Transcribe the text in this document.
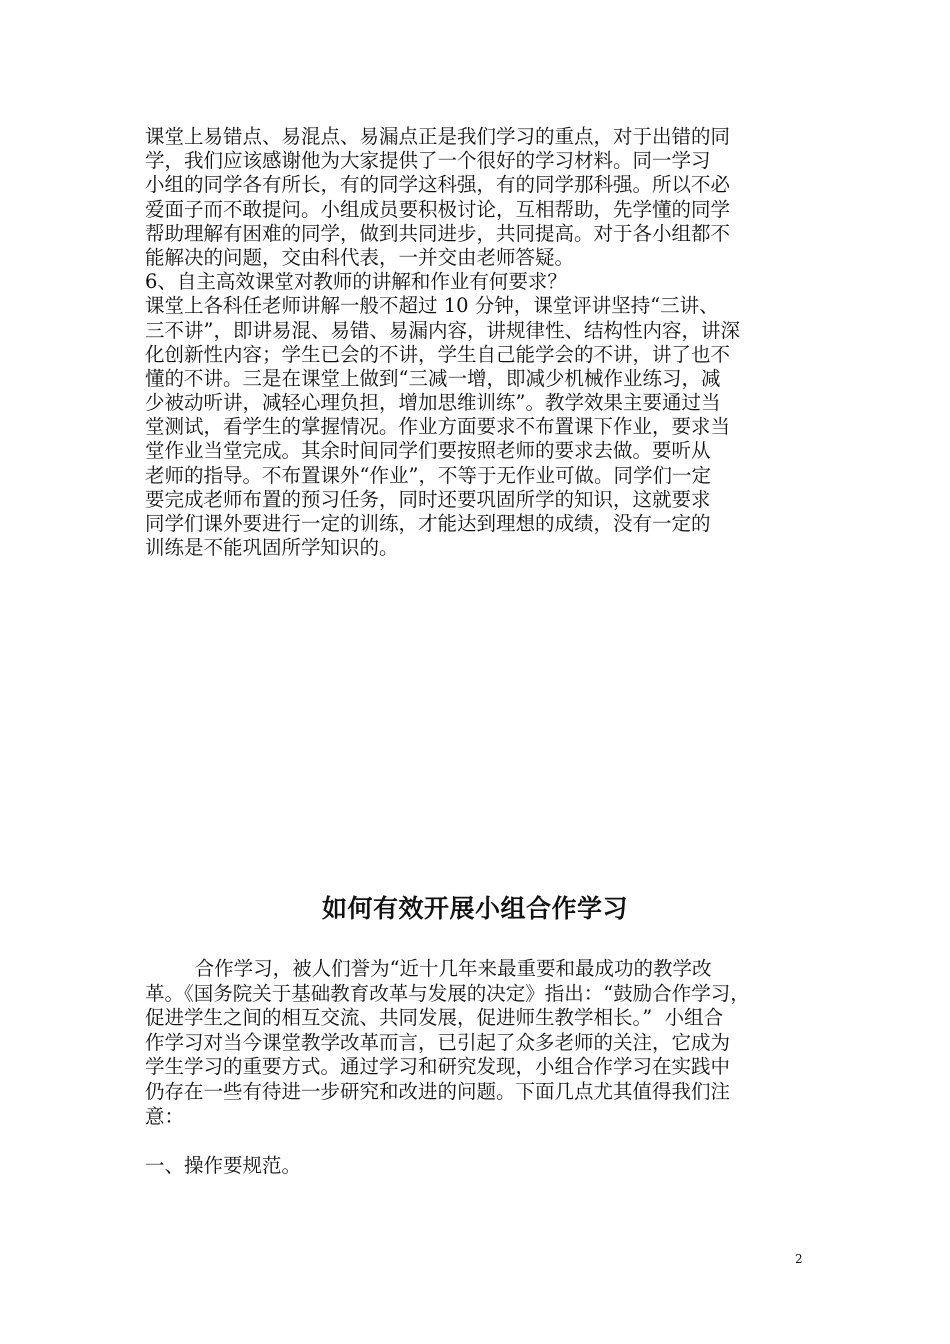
课堂上易错点、易混点、易漏点正是我们学习的重点，对于出错的同
学，我们应该感谢他为大家提供了一个很好的学习材料。同一学习
小组的同学各有所长，有的同学这科强，有的同学那科强。所以不必
爱面子而不敢提问。小组成员要积极讨论，互相帮助，先学懂的同学
帮助理解有困难的同学，做到共同进步，共同提高。对于各小组都不
能解决的问题，交由科代表，一并交由老师答疑。
6、自主高效课堂对教师的讲解和作业有何要求？
课堂上各科任老师讲解一般不超过 10 分钟，课堂评讲坚持“三讲、
三不讲”，即讲易混、易错、易漏内容，讲规律性、结构性内容，讲深
化创新性内容；学生已会的不讲，学生自己能学会的不讲，讲了也不
懂的不讲。三是在课堂上做到“三减一增，即减少机械作业练习，减
少被动听讲，减轻心理负担，增加思维训练”。教学效果主要通过当
堂测试，看学生的掌握情况。作业方面要求不布置课下作业，要求当
堂作业当堂完成。其余时间同学们要按照老师的要求去做。要听从
老师的指导。不布置课外“作业”，不等于无作业可做。同学们一定
要完成老师布置的预习任务，同时还要巩固所学的知识，这就要求
同学们课外要进行一定的训练，才能达到理想的成绩，没有一定的
训练是不能巩固所学知识的。
如何有效开展小组合作学习
合作学习，被人们誉为“近十几年来最重要和最成功的教学改
革。《国务院关于基础教育改革与发展的决定》指出：“鼓励合作学习，
促进学生之间的相互交流、共同发展，促进师生教学相长。”  小组合
作学习对当今课堂教学改革而言，已引起了众多老师的关注，它成为
学生学习的重要方式。通过学习和研究发现，小组合作学习在实践中
仍存在一些有待进一步研究和改进的问题。下面几点尤其值得我们注
意：
一、操作要规范。
2
